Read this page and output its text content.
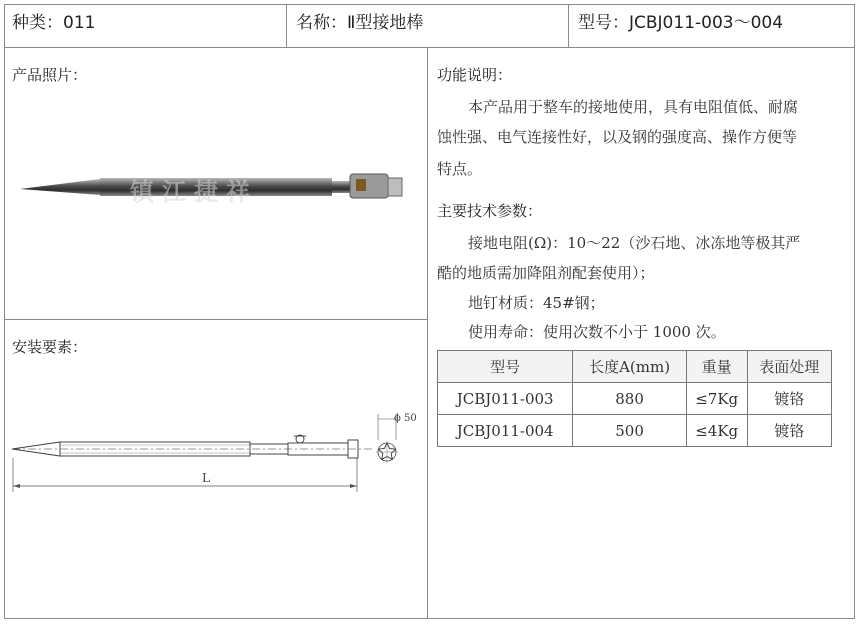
种类：011	名称：Ⅱ型接地棒	型号：JCBJ011-003～004
产品照片：
安装要素：
镇江捷祥
L
ϕ 50
功能说明：
本产品用于整车的接地使用，具有电阻值低、耐腐
蚀性强、电气连接性好，以及钢的强度高、操作方便等
特点。
主要技术参数：
接地电阻(Ω)：10～22（沙石地、冰冻地等极其严
酷的地质需加降阻剂配套使用）；
地钉材质：45#钢；
使用寿命：使用次数不小于 1000 次。
型号	长度A(mm)	重量	表面处理
JCBJ011-003	880	≤7Kg	镀铬
JCBJ011-004	500	≤4Kg	镀铬
